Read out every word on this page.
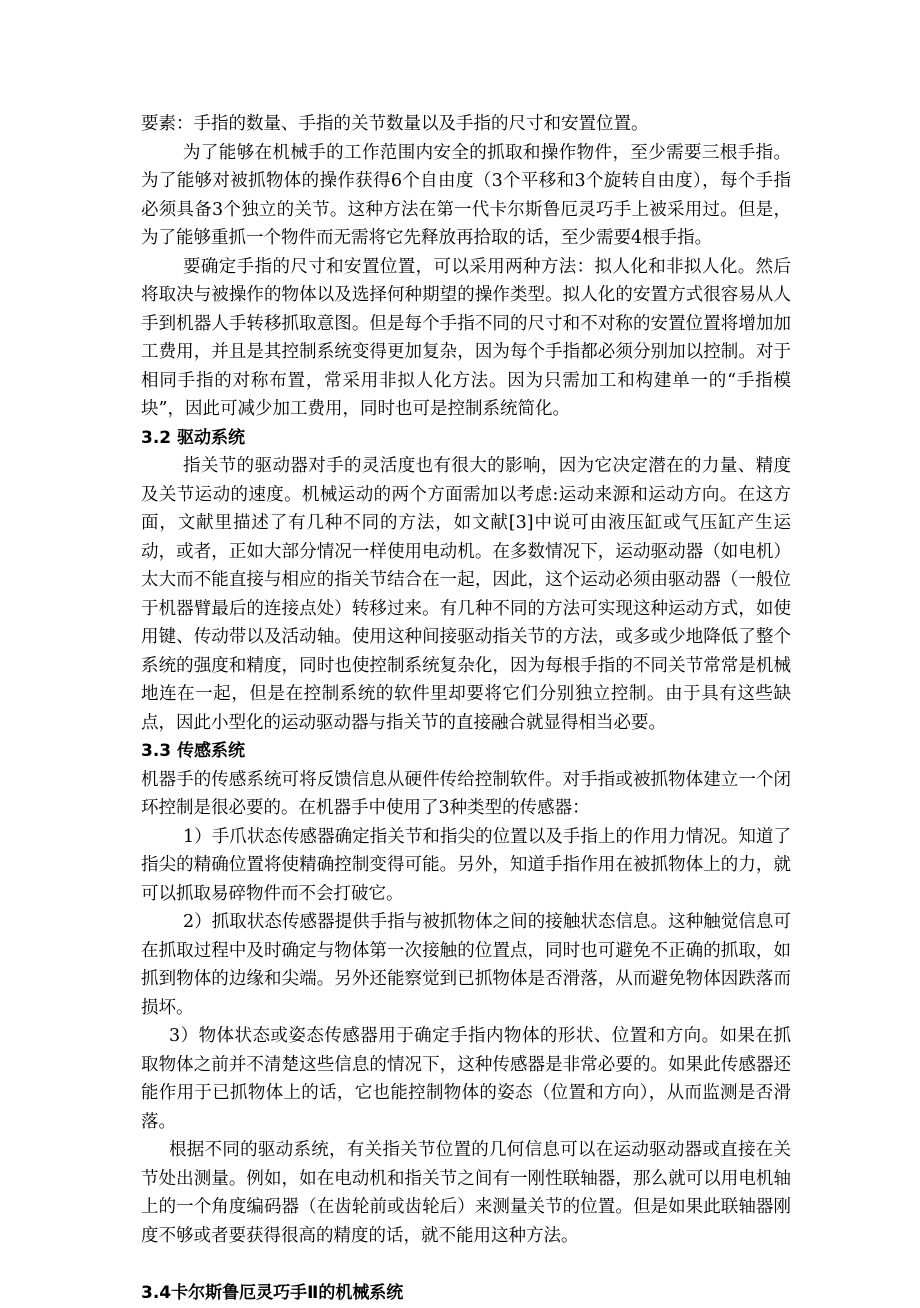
要素：手指的数量、手指的关节数量以及手指的尺寸和安置位置。

为了能够在机械手的工作范围内安全的抓取和操作物件，至少需要三根手指。为了能够对被抓物体的操作获得6个自由度（3个平移和3个旋转自由度），每个手指必须具备3个独立的关节。这种方法在第一代卡尔斯鲁厄灵巧手上被采用过。但是，为了能够重抓一个物件而无需将它先释放再拾取的话，至少需要4根手指。

要确定手指的尺寸和安置位置，可以采用两种方法：拟人化和非拟人化。然后将取决与被操作的物体以及选择何种期望的操作类型。拟人化的安置方式很容易从人手到机器人手转移抓取意图。但是每个手指不同的尺寸和不对称的安置位置将增加加工费用，并且是其控制系统变得更加复杂，因为每个手指都必须分别加以控制。对于相同手指的对称布置，常采用非拟人化方法。因为只需加工和构建单一的“手指模块”，因此可减少加工费用，同时也可是控制系统简化。

3.2 驱动系统

指关节的驱动器对手的灵活度也有很大的影响，因为它决定潜在的力量、精度及关节运动的速度。机械运动的两个方面需加以考虑:运动来源和运动方向。在这方面，文献里描述了有几种不同的方法，如文献[3]中说可由液压缸或气压缸产生运动，或者，正如大部分情况一样使用电动机。在多数情况下，运动驱动器（如电机）太大而不能直接与相应的指关节结合在一起，因此，这个运动必须由驱动器（一般位于机器臂最后的连接点处）转移过来。有几种不同的方法可实现这种运动方式，如使用键、传动带以及活动轴。使用这种间接驱动指关节的方法，或多或少地降低了整个系统的强度和精度，同时也使控制系统复杂化，因为每根手指的不同关节常常是机械地连在一起，但是在控制系统的软件里却要将它们分别独立控制。由于具有这些缺点，因此小型化的运动驱动器与指关节的直接融合就显得相当必要。

3.3 传感系统

机器手的传感系统可将反馈信息从硬件传给控制软件。对手指或被抓物体建立一个闭环控制是很必要的。在机器手中使用了3种类型的传感器：

1）手爪状态传感器确定指关节和指尖的位置以及手指上的作用力情况。知道了指尖的精确位置将使精确控制变得可能。另外，知道手指作用在被抓物体上的力，就可以抓取易碎物件而不会打破它。

2）抓取状态传感器提供手指与被抓物体之间的接触状态信息。这种触觉信息可在抓取过程中及时确定与物体第一次接触的位置点，同时也可避免不正确的抓取，如抓到物体的边缘和尖端。另外还能察觉到已抓物体是否滑落，从而避免物体因跌落而损坏。

3）物体状态或姿态传感器用于确定手指内物体的形状、位置和方向。如果在抓取物体之前并不清楚这些信息的情况下，这种传感器是非常必要的。如果此传感器还能作用于已抓物体上的话，它也能控制物体的姿态（位置和方向），从而监测是否滑落。

根据不同的驱动系统，有关指关节位置的几何信息可以在运动驱动器或直接在关节处出测量。例如，如在电动机和指关节之间有一刚性联轴器，那么就可以用电机轴上的一个角度编码器（在齿轮前或齿轮后）来测量关节的位置。但是如果此联轴器刚度不够或者要获得很高的精度的话，就不能用这种方法。

3.4卡尔斯鲁厄灵巧手Ⅱ的机械系统
